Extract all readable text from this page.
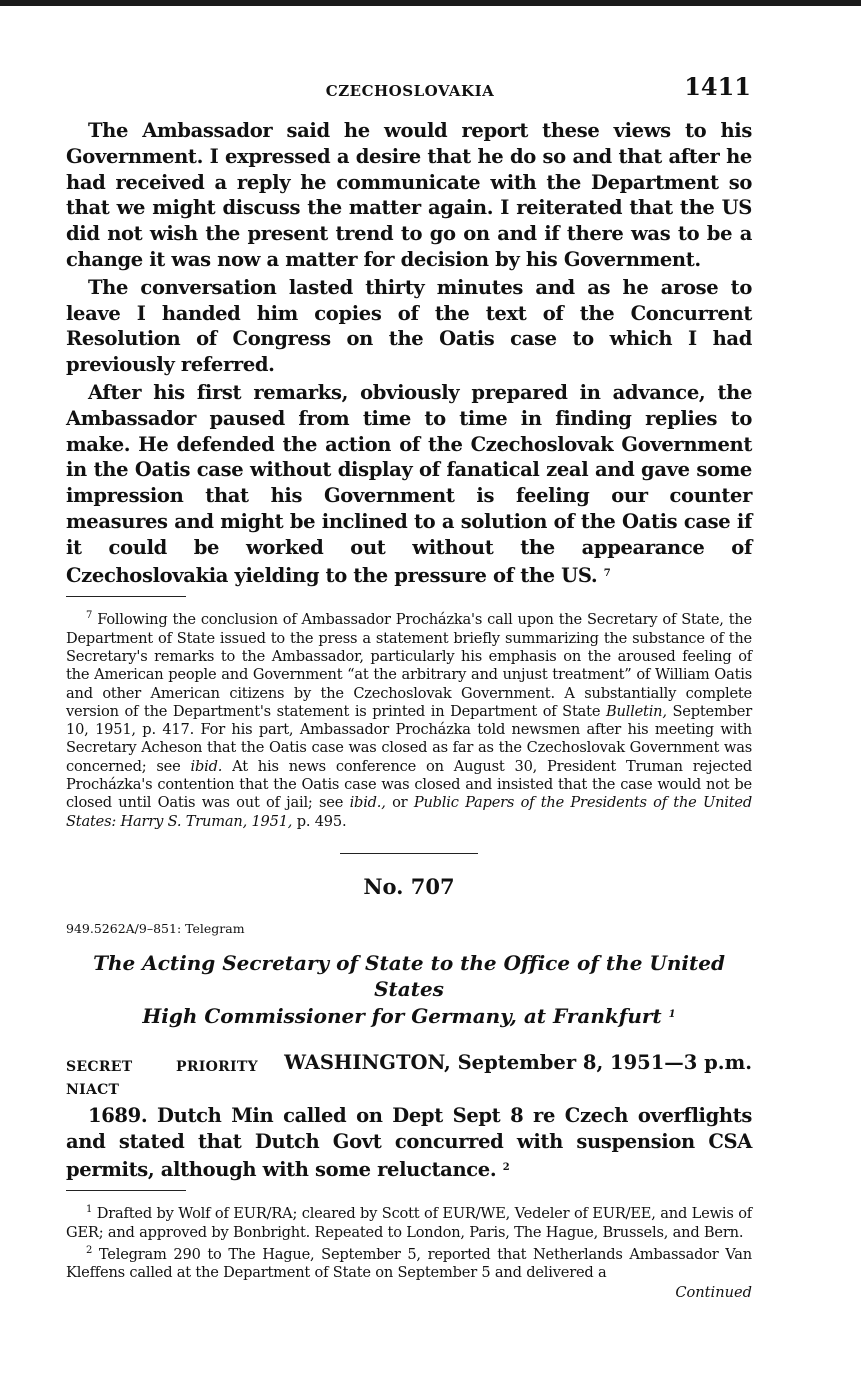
CZECHOSLOVAKIA	1411

The Ambassador said he would report these views to his Government. I expressed a desire that he do so and that after he had received a reply he communicate with the Department so that we might discuss the matter again. I reiterated that the US did not wish the present trend to go on and if there was to be a change it was now a matter for decision by his Government.

The conversation lasted thirty minutes and as he arose to leave I handed him copies of the text of the Concurrent Resolution of Congress on the Oatis case to which I had previously referred.

After his first remarks, obviously prepared in advance, the Ambassador paused from time to time in finding replies to make. He defended the action of the Czechoslovak Government in the Oatis case without display of fanatical zeal and gave some impression that his Government is feeling our counter measures and might be inclined to a solution of the Oatis case if it could be worked out without the appearance of Czechoslovakia yielding to the pressure of the US. $^7$

$^7$ Following the conclusion of Ambassador Procházka's call upon the Secretary of State, the Department of State issued to the press a statement briefly summarizing the substance of the Secretary's remarks to the Ambassador, particularly his emphasis on the aroused feeling of the American people and Government “at the arbitrary and unjust treatment” of William Oatis and other American citizens by the Czechoslovak Government. A substantially complete version of the Department's statement is printed in Department of State Bulletin, September 10, 1951, p. 417. For his part, Ambassador Procházka told newsmen after his meeting with Secretary Acheson that the Oatis case was closed as far as the Czechoslovak Government was concerned; see ibid. At his news conference on August 30, President Truman rejected Procházka's contention that the Oatis case was closed and insisted that the case would not be closed until Oatis was out of jail; see ibid., or Public Papers of the Presidents of the United States: Harry S. Truman, 1951, p. 495.

No. 707
949.5262A/9–851: Telegram
The Acting Secretary of State to the Office of the United States
High Commissioner for Germany, at Frankfurt $^1$
SECRET	PRIORITY
NIACT
WASHINGTON, September 8, 1951—3 p.m.

1689. Dutch Min called on Dept Sept 8 re Czech overflights and stated that Dutch Govt concurred with suspension CSA permits, although with some reluctance. $^2$

$^1$ Drafted by Wolf of EUR/RA; cleared by Scott of EUR/WE, Vedeler of EUR/EE, and Lewis of GER; and approved by Bonbright. Repeated to London, Paris, The Hague, Brussels, and Bern.

$^2$ Telegram 290 to The Hague, September 5, reported that Netherlands Ambassador Van Kleffens called at the Department of State on September 5 and delivered a

Continued
